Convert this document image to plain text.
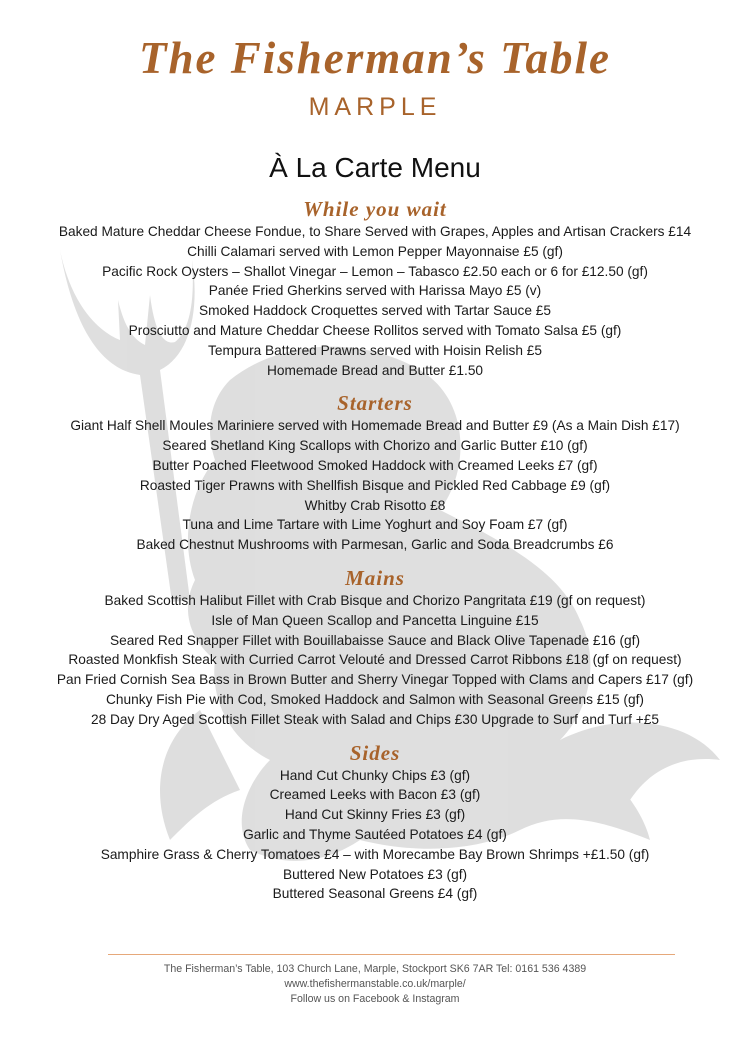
The Fisherman’s Table
MARPLE
À La Carte Menu
While you wait
Baked Mature Cheddar Cheese Fondue, to Share Served with Grapes, Apples and Artisan Crackers £14
Chilli Calamari served with Lemon Pepper Mayonnaise £5 (gf)
Pacific Rock Oysters – Shallot Vinegar – Lemon – Tabasco £2.50 each or 6 for £12.50 (gf)
Panée Fried Gherkins served with Harissa Mayo £5 (v)
Smoked Haddock Croquettes served with Tartar Sauce £5
Prosciutto and Mature Cheddar Cheese Rollitos served with Tomato Salsa £5 (gf)
Tempura Battered Prawns served with Hoisin Relish £5
Homemade Bread and Butter £1.50
Starters
Giant Half Shell Moules Mariniere served with Homemade Bread and Butter £9 (As a Main Dish £17)
Seared Shetland King Scallops with Chorizo and Garlic Butter £10 (gf)
Butter Poached Fleetwood Smoked Haddock with Creamed Leeks £7 (gf)
Roasted Tiger Prawns with Shellfish Bisque and Pickled Red Cabbage £9 (gf)
Whitby Crab Risotto £8
Tuna and Lime Tartare with Lime Yoghurt and Soy Foam £7 (gf)
Baked Chestnut Mushrooms with Parmesan, Garlic and Soda Breadcrumbs £6
Mains
Baked Scottish Halibut Fillet with Crab Bisque and Chorizo Pangritata £19 (gf on request)
Isle of Man Queen Scallop and Pancetta Linguine £15
Seared Red Snapper Fillet with Bouillabaisse Sauce and Black Olive Tapenade £16 (gf)
Roasted Monkfish Steak with Curried Carrot Velouté and Dressed Carrot Ribbons £18 (gf on request)
Pan Fried Cornish Sea Bass in Brown Butter and Sherry Vinegar Topped with Clams and Capers £17 (gf)
Chunky Fish Pie with Cod, Smoked Haddock and Salmon with Seasonal Greens £15 (gf)
28 Day Dry Aged Scottish Fillet Steak with Salad and Chips £30 Upgrade to Surf and Turf +£5
Sides
Hand Cut Chunky Chips £3 (gf)
Creamed Leeks with Bacon £3 (gf)
Hand Cut Skinny Fries £3 (gf)
Garlic and Thyme Sautéed Potatoes £4 (gf)
Samphire Grass & Cherry Tomatoes £4 – with Morecambe Bay Brown Shrimps +£1.50 (gf)
Buttered New Potatoes £3 (gf)
Buttered Seasonal Greens £4 (gf)
The Fisherman’s Table, 103 Church Lane, Marple, Stockport SK6 7AR Tel: 0161 536 4389
www.thefishermanstable.co.uk/marple/
Follow us on Facebook & Instagram
